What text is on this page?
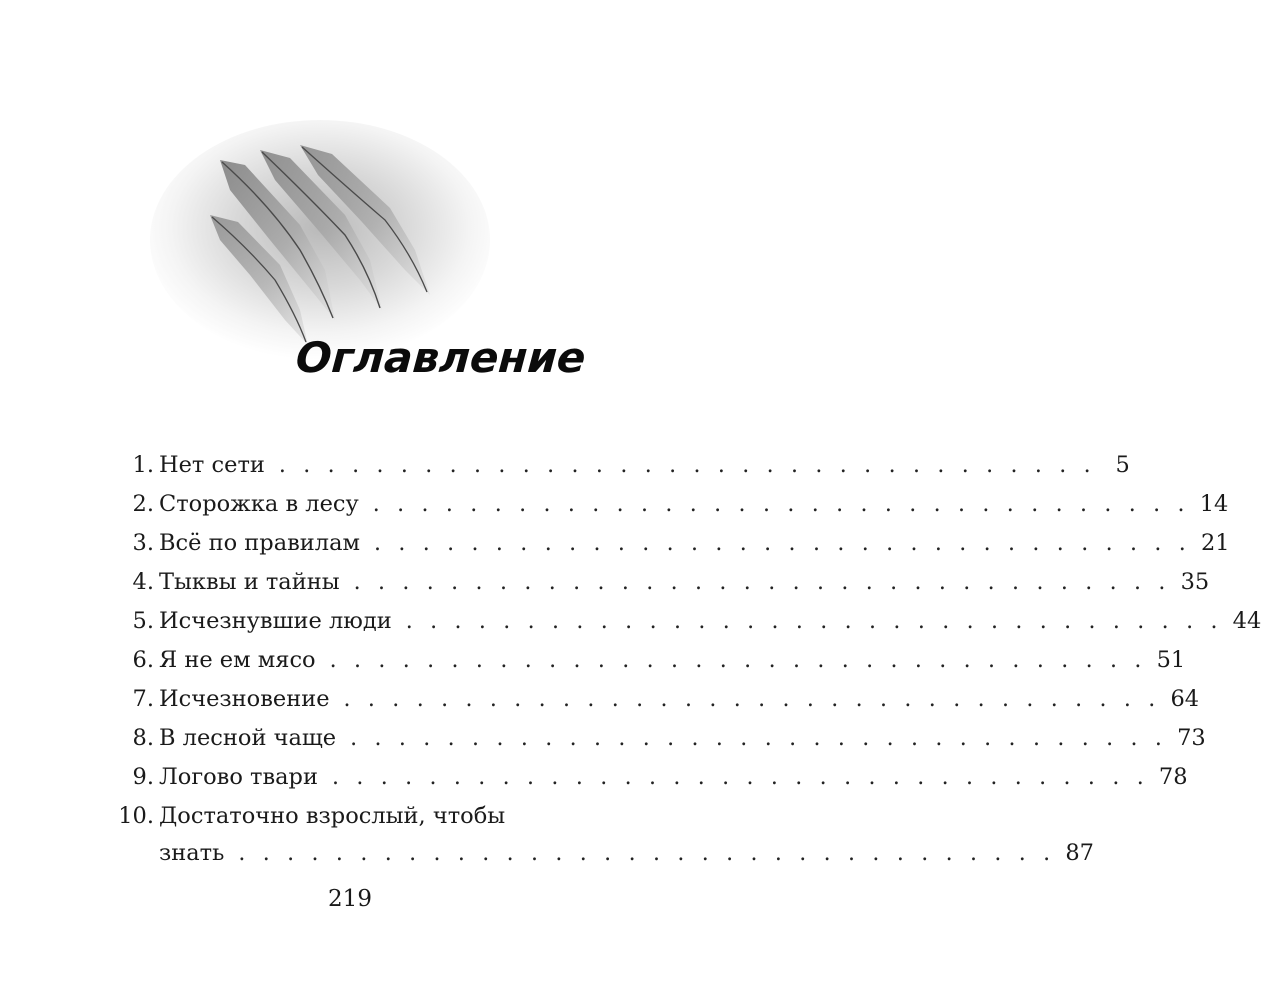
Оглавление
1. Нет сети . . . . . . . . . . . . . . . . . . . . . . . . . . . . . . . . . . 5
2. Сторожка в лесу . . . . . . . . . . . . . . . . . . . . . . . . . . . . . . . . . . 14
3. Всё по правилам . . . . . . . . . . . . . . . . . . . . . . . . . . . . . . . . . . 21
4. Тыквы и тайны . . . . . . . . . . . . . . . . . . . . . . . . . . . . . . . . . . 35
5. Исчезнувшие люди . . . . . . . . . . . . . . . . . . . . . . . . . . . . . . . . . . 44
6. Я не ем мясо . . . . . . . . . . . . . . . . . . . . . . . . . . . . . . . . . . 51
7. Исчезновение . . . . . . . . . . . . . . . . . . . . . . . . . . . . . . . . . . 64
8. В лесной чаще . . . . . . . . . . . . . . . . . . . . . . . . . . . . . . . . . . 73
9. Логово твари . . . . . . . . . . . . . . . . . . . . . . . . . . . . . . . . . . 78
10. Достаточно взрослый, чтобы
знать . . . . . . . . . . . . . . . . . . . . . . . . . . . . . . . . . . 87
219
